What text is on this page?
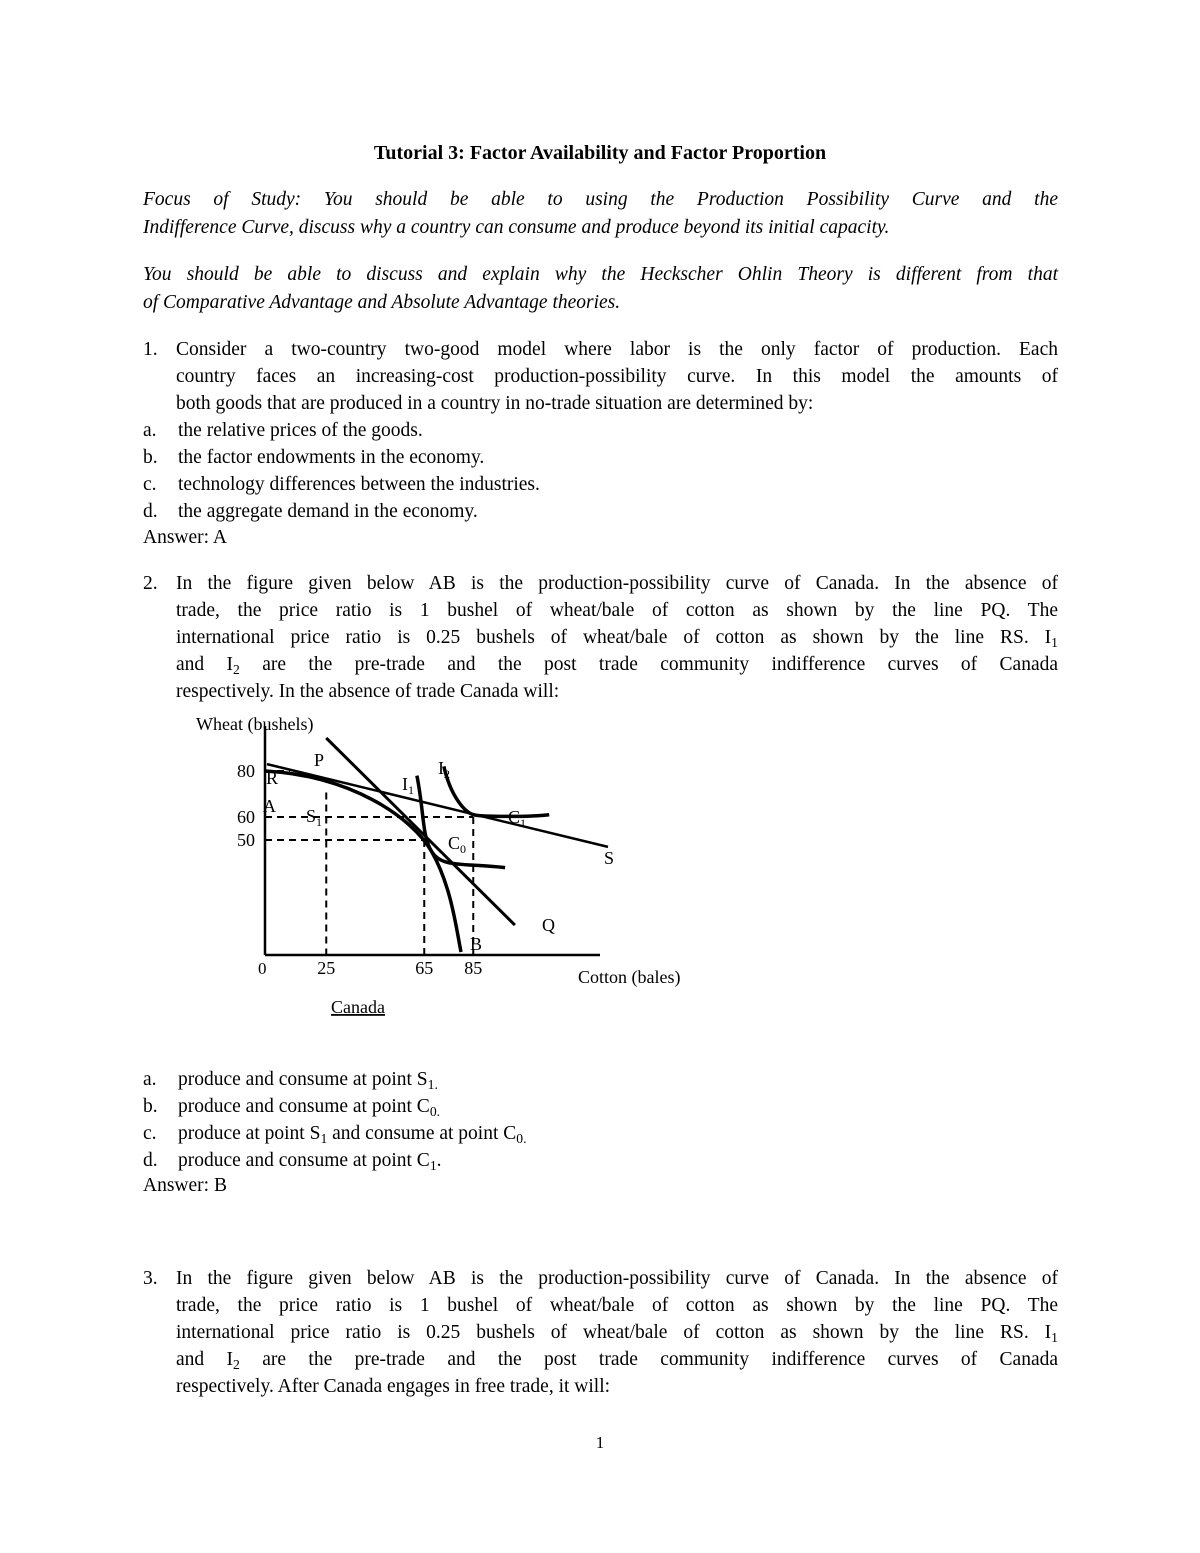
Tutorial 3: Factor Availability and Factor Proportion
Focus of Study: You should be able to using the Production Possibility Curve and the
Indifference Curve, discuss why a country can consume and produce beyond its initial capacity.
You should be able to discuss and explain why the Heckscher Ohlin Theory is different from that
of Comparative Advantage and Absolute Advantage theories.
1. Consider a two-country two-good model where labor is the only factor of production. Each
country faces an increasing-cost production-possibility curve. In this model the amounts of
both goods that are produced in a country in no-trade situation are determined by:
a. the relative prices of the goods.
b. the factor endowments in the economy.
c. technology differences between the industries.
d. the aggregate demand in the economy.
Answer: A
2. In the figure given below AB is the production-possibility curve of Canada. In the absence of
trade, the price ratio is 1 bushel of wheat/bale of cotton as shown by the line PQ. The
international price ratio is 0.25 bushels of wheat/bale of cotton as shown by the line RS. $I_1$
and $I_2$ are the pre-trade and the post trade community indifference curves of Canada
respectively. In the absence of trade Canada will:
Wheat (bushels)
Cotton (bales)
0
Canada
80
60
50
25	65 85
P
R
A $S_1$
$I_1$
$I_2$
$C_1$
$C_0$	S
Q
B
a. produce and consume at point $S_{1.}$
b. produce and consume at point $C_{0.}$
c. produce at point $S_1$ and consume at point $C_{0.}$
d. produce and consume at point $C_1$.
Answer: B
3. In the figure given below AB is the production-possibility curve of Canada. In the absence of
trade, the price ratio is 1 bushel of wheat/bale of cotton as shown by the line PQ. The
international price ratio is 0.25 bushels of wheat/bale of cotton as shown by the line RS. $I_1$
and $I_2$ are the pre-trade and the post trade community indifference curves of Canada
respectively. After Canada engages in free trade, it will:
1
